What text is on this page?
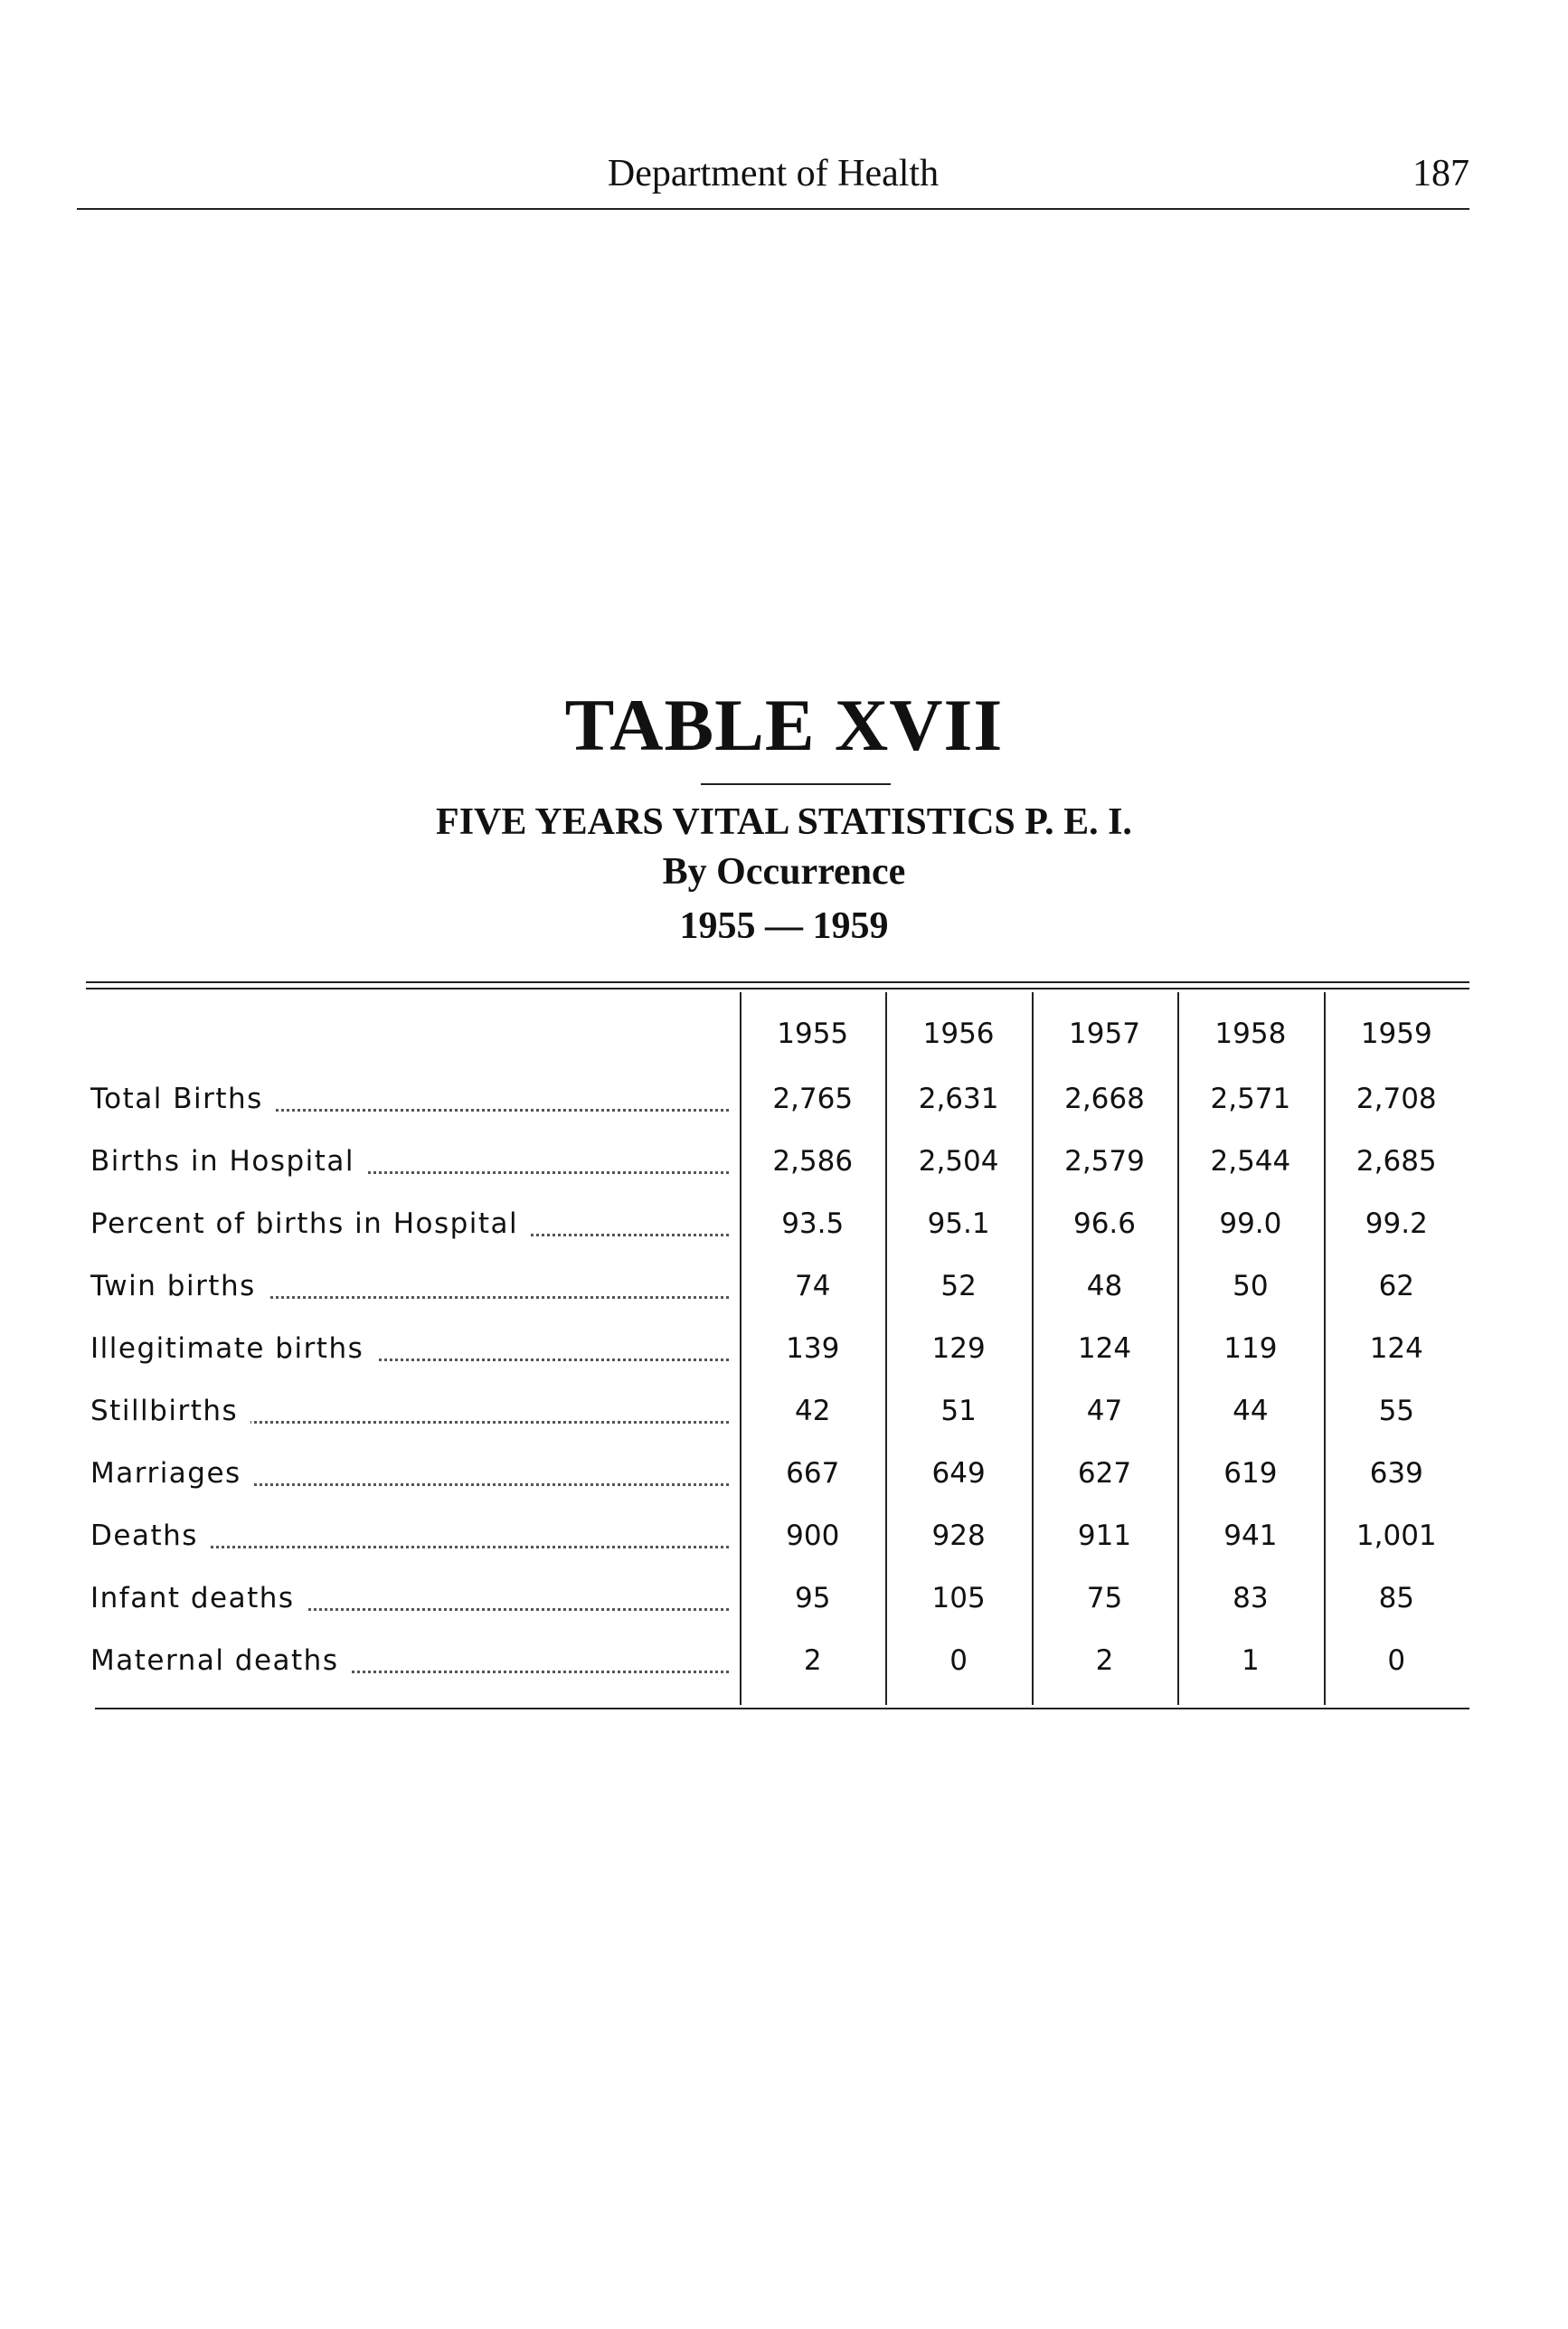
Department of Health	187
TABLE XVII
FIVE YEARS VITAL STATISTICS P. E. I.
By Occurrence
1955 — 1959
	1955	1956	1957	1958	1959
Total Births	2,765	2,631	2,668	2,571	2,708
Births in Hospital	2,586	2,504	2,579	2,544	2,685
Percent of births in Hospital	93.5	95.1	96.6	99.0	99.2
Twin births	74	52	48	50	62
Illegitimate births	139	129	124	119	124
Stillbirths	42	51	47	44	55
Marriages	667	649	627	619	639
Deaths	900	928	911	941	1,001
Infant deaths	95	105	75	83	85
Maternal deaths	2	0	2	1	0
